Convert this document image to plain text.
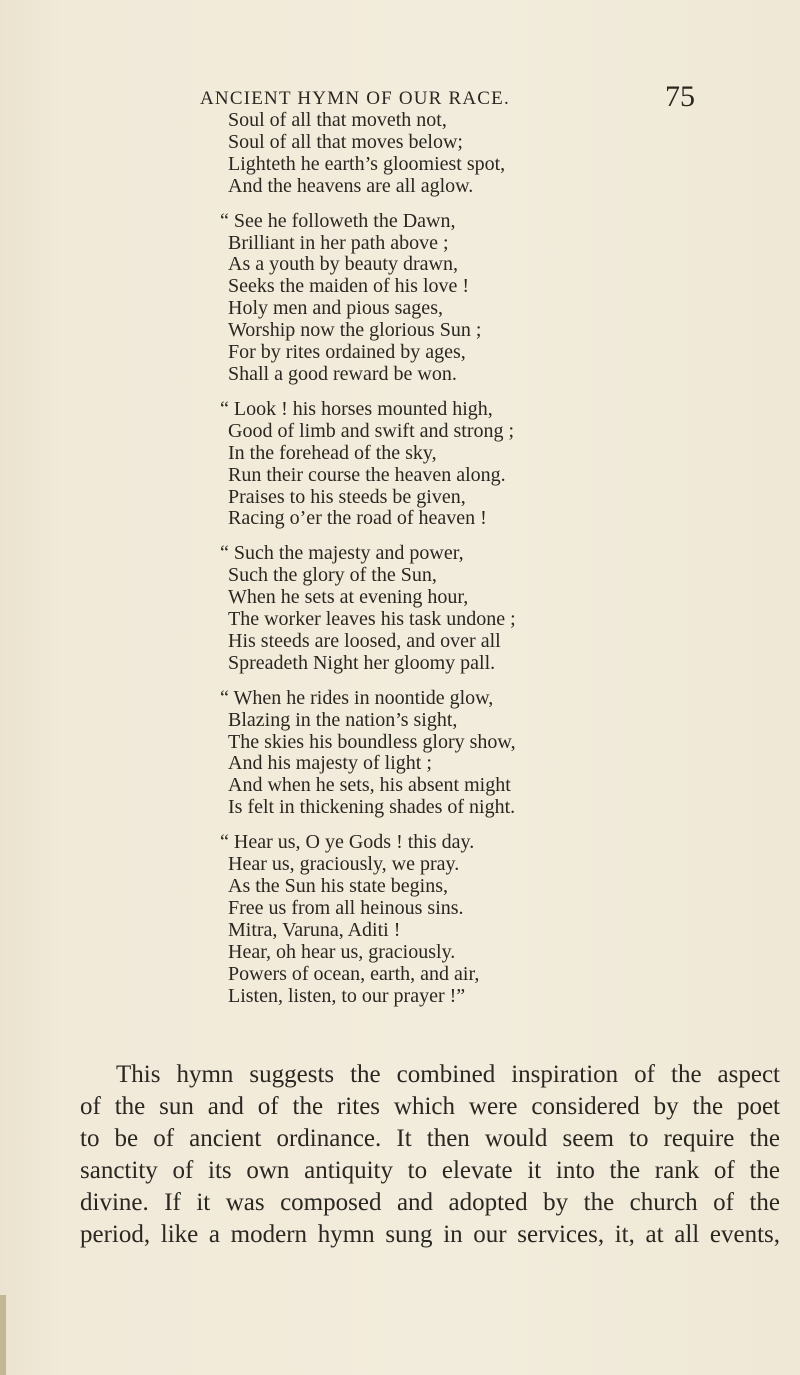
ANCIENT HYMN OF OUR RACE.	75
Soul of all that moveth not,
Soul of all that moves below;
Lighteth he earth’s gloomiest spot,
And the heavens are all aglow.
“ See he followeth the Dawn,
Brilliant in her path above ;
As a youth by beauty drawn,
Seeks the maiden of his love !
Holy men and pious sages,
Worship now the glorious Sun ;
For by rites ordained by ages,
Shall a good reward be won.
“ Look ! his horses mounted high,
Good of limb and swift and strong ;
In the forehead of the sky,
Run their course the heaven along.
Praises to his steeds be given,
Racing o’er the road of heaven !
“ Such the majesty and power,
Such the glory of the Sun,
When he sets at evening hour,
The worker leaves his task undone ;
His steeds are loosed, and over all
Spreadeth Night her gloomy pall.
“ When he rides in noontide glow,
Blazing in the nation’s sight,
The skies his boundless glory show,
And his majesty of light ;
And when he sets, his absent might
Is felt in thickening shades of night.
“ Hear us, O ye Gods ! this day.
Hear us, graciously, we pray.
As the Sun his state begins,
Free us from all heinous sins.
Mitra, Varuna, Aditi !
Hear, oh hear us, graciously.
Powers of ocean, earth, and air,
Listen, listen, to our prayer !”
This hymn suggests the combined inspiration of the aspect
of the sun and of the rites which were considered by the poet
to be of ancient ordinance. It then would seem to require the
sanctity of its own antiquity to elevate it into the rank of the
divine. If it was composed and adopted by the church of the
period, like a modern hymn sung in our services, it, at all events,
